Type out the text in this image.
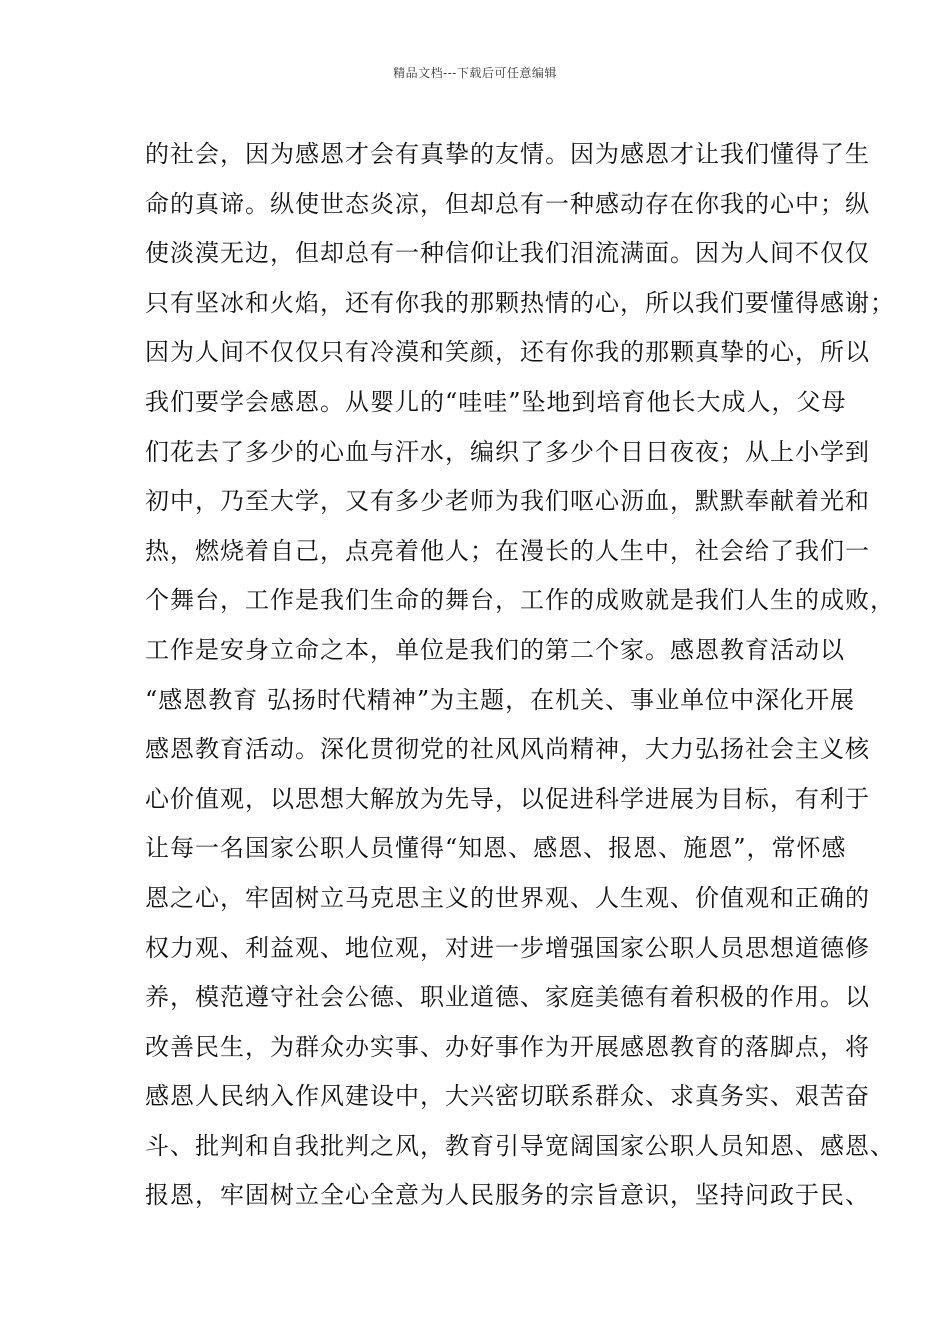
精品文档---下载后可任意编辑
的社会，因为感恩才会有真挚的友情。因为感恩才让我们懂得了生
命的真谛。纵使世态炎凉，但却总有一种感动存在你我的心中；纵
使淡漠无边，但却总有一种信仰让我们泪流满面。因为人间不仅仅
只有坚冰和火焰，还有你我的那颗热情的心，所以我们要懂得感谢；
因为人间不仅仅只有冷漠和笑颜，还有你我的那颗真挚的心，所以
我们要学会感恩。从婴儿的“哇哇”坠地到培育他长大成人，父母
们花去了多少的心血与汗水，编织了多少个日日夜夜；从上小学到
初中，乃至大学，又有多少老师为我们呕心沥血，默默奉献着光和
热，燃烧着自己，点亮着他人；在漫长的人生中，社会给了我们一
个舞台，工作是我们生命的舞台，工作的成败就是我们人生的成败，
工作是安身立命之本，单位是我们的第二个家。感恩教育活动以
“感恩教育 弘扬时代精神”为主题，在机关、事业单位中深化开展
感恩教育活动。深化贯彻党的社风风尚精神，大力弘扬社会主义核
心价值观，以思想大解放为先导，以促进科学进展为目标，有利于
让每一名国家公职人员懂得“知恩、感恩、报恩、施恩”，常怀感
恩之心，牢固树立马克思主义的世界观、人生观、价值观和正确的
权力观、利益观、地位观，对进一步增强国家公职人员思想道德修
养，模范遵守社会公德、职业道德、家庭美德有着积极的作用。以
改善民生，为群众办实事、办好事作为开展感恩教育的落脚点，将
感恩人民纳入作风建设中，大兴密切联系群众、求真务实、艰苦奋
斗、批判和自我批判之风，教育引导宽阔国家公职人员知恩、感恩、
报恩，牢固树立全心全意为人民服务的宗旨意识，坚持问政于民、
